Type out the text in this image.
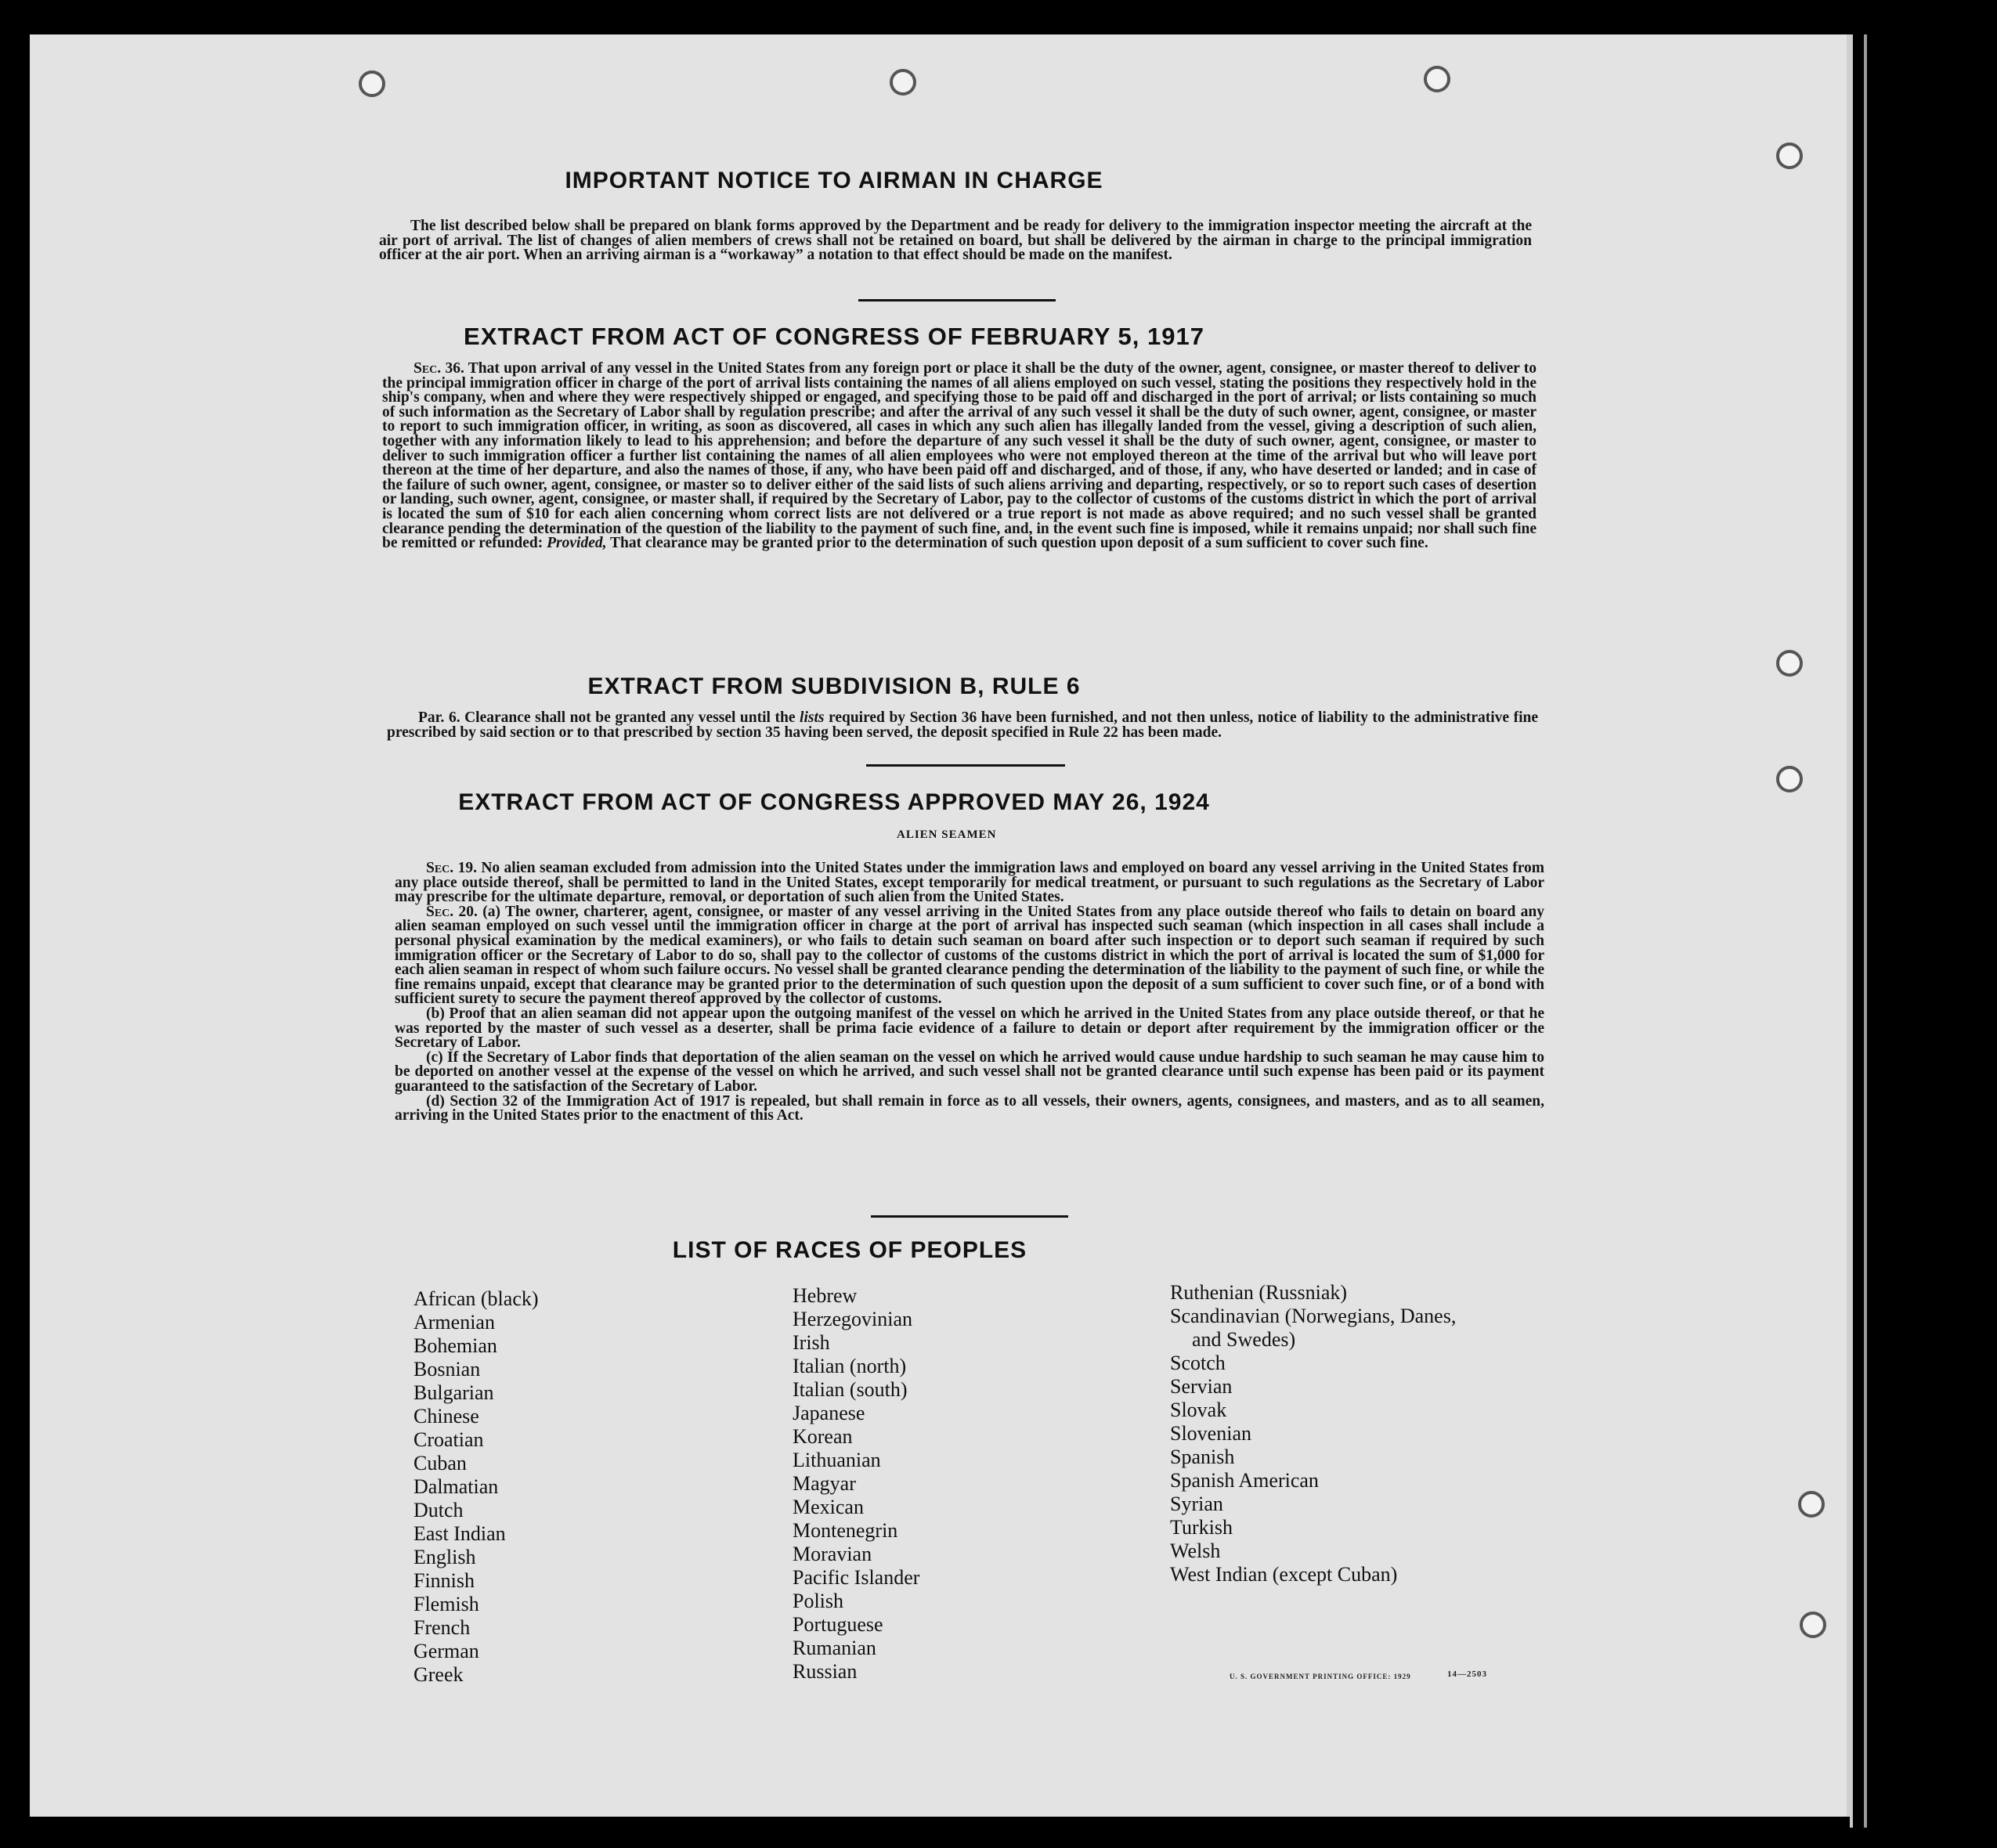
IMPORTANT NOTICE TO AIRMAN IN CHARGE

The list described below shall be prepared on blank forms approved by the Department and be ready for delivery to the immigration inspector meeting the aircraft at the air port of arrival. The list of changes of alien members of crews shall not be retained on board, but shall be delivered by the airman in charge to the principal immigration officer at the air port. When an arriving airman is a “workaway” a notation to that effect should be made on the manifest.

EXTRACT FROM ACT OF CONGRESS OF FEBRUARY 5, 1917

Sec. 36. That upon arrival of any vessel in the United States from any foreign port or place it shall be the duty of the owner, agent, consignee, or master thereof to deliver to the principal immigration officer in charge of the port of arrival lists containing the names of all aliens employed on such vessel, stating the positions they respectively hold in the ship's company, when and where they were respectively shipped or engaged, and specifying those to be paid off and discharged in the port of arrival; or lists containing so much of such information as the Secretary of Labor shall by regulation prescribe; and after the arrival of any such vessel it shall be the duty of such owner, agent, consignee, or master to report to such immigration officer, in writing, as soon as discovered, all cases in which any such alien has illegally landed from the vessel, giving a description of such alien, together with any information likely to lead to his apprehension; and before the departure of any such vessel it shall be the duty of such owner, agent, consignee, or master to deliver to such immigration officer a further list containing the names of all alien employees who were not employed thereon at the time of the arrival but who will leave port thereon at the time of her departure, and also the names of those, if any, who have been paid off and discharged, and of those, if any, who have deserted or landed; and in case of the failure of such owner, agent, consignee, or master so to deliver either of the said lists of such aliens arriving and departing, respectively, or so to report such cases of desertion or landing, such owner, agent, consignee, or master shall, if required by the Secretary of Labor, pay to the collector of customs of the customs district in which the port of arrival is located the sum of $10 for each alien concerning whom correct lists are not delivered or a true report is not made as above required; and no such vessel shall be granted clearance pending the determination of the question of the liability to the payment of such fine, and, in the event such fine is imposed, while it remains unpaid; nor shall such fine be remitted or refunded: Provided, That clearance may be granted prior to the determination of such question upon deposit of a sum sufficient to cover such fine.

EXTRACT FROM SUBDIVISION B, RULE 6

Par. 6. Clearance shall not be granted any vessel until the lists required by Section 36 have been furnished, and not then unless, notice of liability to the administrative fine prescribed by said section or to that prescribed by section 35 having been served, the deposit specified in Rule 22 has been made.

EXTRACT FROM ACT OF CONGRESS APPROVED MAY 26, 1924
ALIEN SEAMEN

Sec. 19. No alien seaman excluded from admission into the United States under the immigration laws and employed on board any vessel arriving in the United States from any place outside thereof, shall be permitted to land in the United States, except temporarily for medical treatment, or pursuant to such regulations as the Secretary of Labor may prescribe for the ultimate departure, removal, or deportation of such alien from the United States.

Sec. 20. (a) The owner, charterer, agent, consignee, or master of any vessel arriving in the United States from any place outside thereof who fails to detain on board any alien seaman employed on such vessel until the immigration officer in charge at the port of arrival has inspected such seaman (which inspection in all cases shall include a personal physical examination by the medical examiners), or who fails to detain such seaman on board after such inspection or to deport such seaman if required by such immigration officer or the Secretary of Labor to do so, shall pay to the collector of customs of the customs district in which the port of arrival is located the sum of $1,000 for each alien seaman in respect of whom such failure occurs. No vessel shall be granted clearance pending the determination of the liability to the payment of such fine, or while the fine remains unpaid, except that clearance may be granted prior to the determination of such question upon the deposit of a sum sufficient to cover such fine, or of a bond with sufficient surety to secure the payment thereof approved by the collector of customs.

(b) Proof that an alien seaman did not appear upon the outgoing manifest of the vessel on which he arrived in the United States from any place outside thereof, or that he was reported by the master of such vessel as a deserter, shall be prima facie evidence of a failure to detain or deport after requirement by the immigration officer or the Secretary of Labor.

(c) If the Secretary of Labor finds that deportation of the alien seaman on the vessel on which he arrived would cause undue hardship to such seaman he may cause him to be deported on another vessel at the expense of the vessel on which he arrived, and such vessel shall not be granted clearance until such expense has been paid or its payment guaranteed to the satisfaction of the Secretary of Labor.

(d) Section 32 of the Immigration Act of 1917 is repealed, but shall remain in force as to all vessels, their owners, agents, consignees, and masters, and as to all seamen, arriving in the United States prior to the enactment of this Act.

LIST OF RACES OF PEOPLES
African (black)
Armenian
Bohemian
Bosnian
Bulgarian
Chinese
Croatian
Cuban
Dalmatian
Dutch
East Indian
English
Finnish
Flemish
French
German
Greek
Hebrew
Herzegovinian
Irish
Italian (north)
Italian (south)
Japanese
Korean
Lithuanian
Magyar
Mexican
Montenegrin
Moravian
Pacific Islander
Polish
Portuguese
Rumanian
Russian
Ruthenian (Russniak)
Scandinavian (Norwegians, Danes,
and Swedes)
Scotch
Servian
Slovak
Slovenian
Spanish
Spanish American
Syrian
Turkish
Welsh
West Indian (except Cuban)
U. S. GOVERNMENT PRINTING OFFICE: 1929	14—2503
